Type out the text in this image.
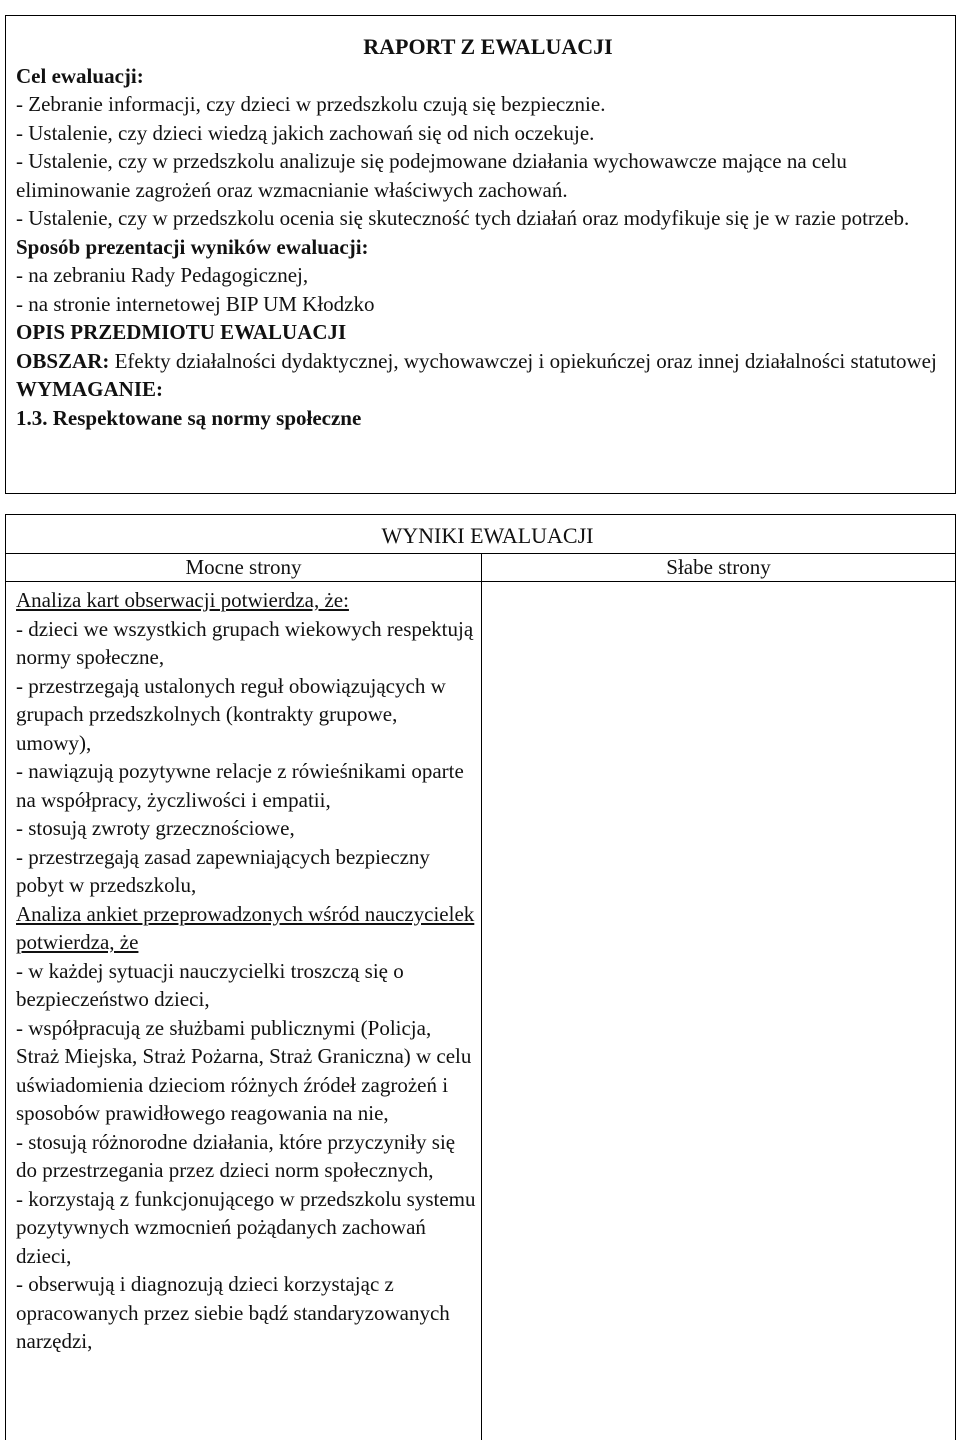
RAPORT Z EWALUACJI
Cel ewaluacji:
- Zebranie informacji, czy dzieci w przedszkolu czują się bezpiecznie.
- Ustalenie, czy dzieci wiedzą jakich zachowań się od nich oczekuje.
- Ustalenie, czy w przedszkolu analizuje się podejmowane działania wychowawcze mające na celu eliminowanie zagrożeń oraz wzmacnianie właściwych zachowań.
- Ustalenie, czy w przedszkolu ocenia się skuteczność tych działań oraz modyfikuje się je w razie potrzeb.
Sposób prezentacji wyników ewaluacji:
- na zebraniu Rady Pedagogicznej,
- na stronie internetowej BIP UM Kłodzko
OPIS PRZEDMIOTU EWALUACJI
OBSZAR: Efekty działalności dydaktycznej, wychowawczej i opiekuńczej oraz innej działalności statutowej
WYMAGANIE:
1.3. Respektowane są normy społeczne
WYNIKI EWALUACJI
Mocne strony	Słabe strony
Analiza kart obserwacji potwierdza, że:
- dzieci we wszystkich grupach wiekowych respektują normy społeczne,
- przestrzegają ustalonych reguł obowiązujących w grupach przedszkolnych (kontrakty grupowe, umowy),
- nawiązują pozytywne relacje z rówieśnikami oparte na współpracy, życzliwości i empatii,
- stosują zwroty grzecznościowe,
- przestrzegają zasad zapewniających bezpieczny pobyt w przedszkolu,
Analiza ankiet przeprowadzonych wśród nauczycielek potwierdza, że
- w każdej sytuacji nauczycielki troszczą się o bezpieczeństwo dzieci,
- współpracują ze służbami publicznymi (Policja, Straż Miejska, Straż Pożarna, Straż Graniczna) w celu uświadomienia dzieciom różnych źródeł zagrożeń i sposobów prawidłowego reagowania na nie,
- stosują różnorodne działania, które przyczyniły się do przestrzegania przez dzieci norm społecznych,
- korzystają z funkcjonującego w przedszkolu systemu pozytywnych wzmocnień pożądanych zachowań dzieci,
- obserwują i diagnozują dzieci korzystając z opracowanych przez siebie bądź standaryzowanych narzędzi,
